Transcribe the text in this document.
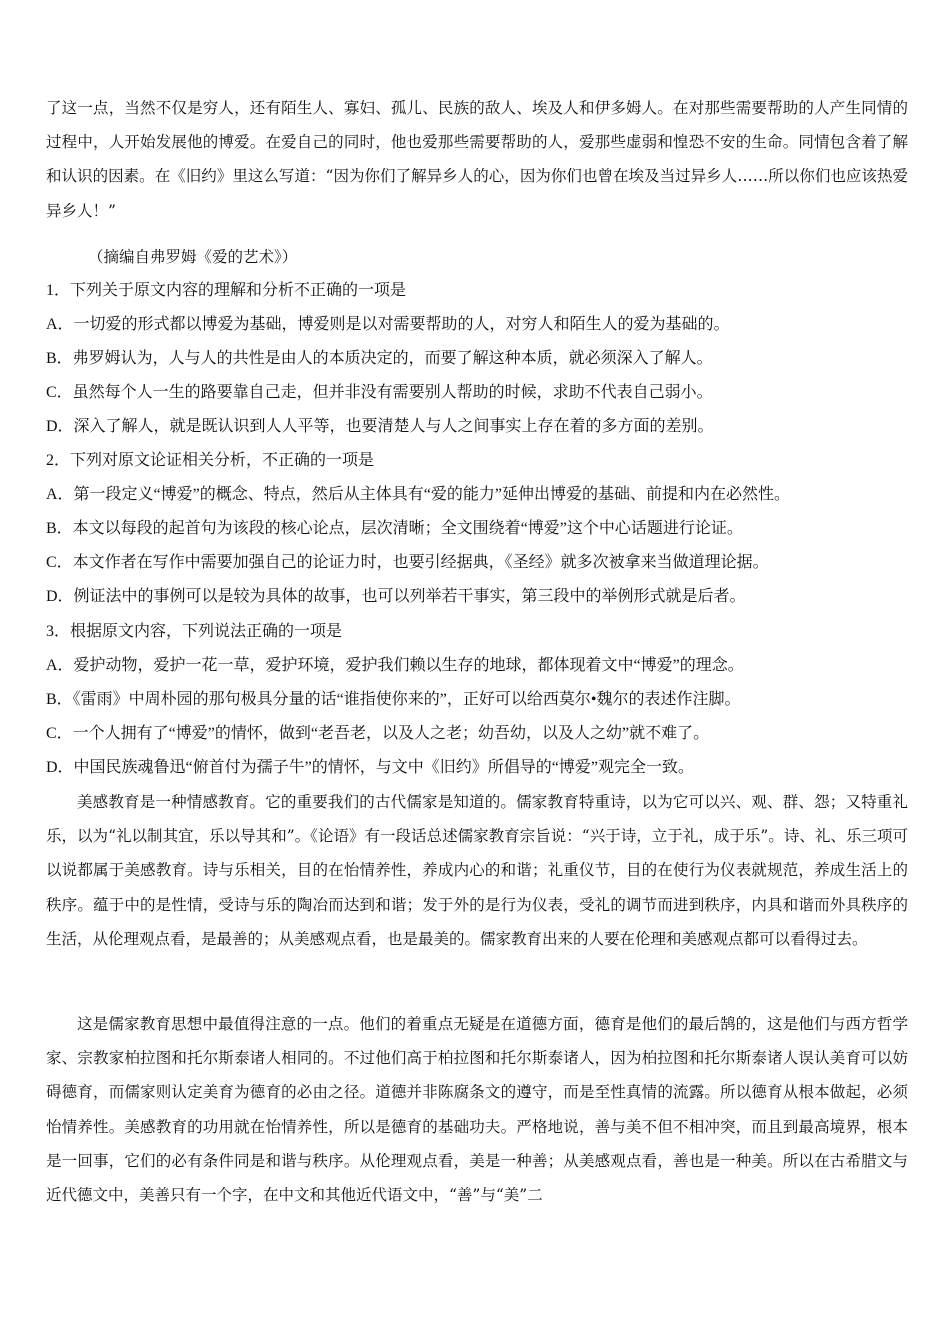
了这一点，当然不仅是穷人，还有陌生人、寡妇、孤儿、民族的敌人、埃及人和伊多姆人。在对那些需要帮助的人产生同情的过程中，人开始发展他的博爱。在爱自己的同时，他也爱那些需要帮助的人，爱那些虚弱和惶恐不安的生命。同情包含着了解和认识的因素。在《旧约》里这么写道：“因为你们了解异乡人的心，因为你们也曾在埃及当过异乡人……所以你们也应该热爱异乡人！”

（摘编自弗罗姆《爱的艺术》）

1．下列关于原文内容的理解和分析不正确的一项是

A．一切爱的形式都以博爱为基础，博爱则是以对需要帮助的人，对穷人和陌生人的爱为基础的。

B．弗罗姆认为，人与人的共性是由人的本质决定的，而要了解这种本质，就必须深入了解人。

C．虽然每个人一生的路要靠自己走，但并非没有需要别人帮助的时候，求助不代表自己弱小。

D．深入了解人，就是既认识到人人平等，也要清楚人与人之间事实上存在着的多方面的差别。

2．下列对原文论证相关分析，不正确的一项是

A．第一段定义“博爱”的概念、特点，然后从主体具有“爱的能力”延伸出博爱的基础、前提和内在必然性。

B．本文以每段的起首句为该段的核心论点，层次清晰；全文围绕着“博爱”这个中心话题进行论证。

C．本文作者在写作中需要加强自己的论证力时，也要引经据典，《圣经》就多次被拿来当做道理论据。

D．例证法中的事例可以是较为具体的故事，也可以列举若干事实，第三段中的举例形式就是后者。

3．根据原文内容，下列说法正确的一项是

A．爱护动物，爱护一花一草，爱护环境，爱护我们赖以生存的地球，都体现着文中“博爱”的理念。

B．《雷雨》中周朴园的那句极具分量的话“谁指使你来的”，正好可以给西莫尔•魏尔的表述作注脚。

C．一个人拥有了“博爱”的情怀，做到“老吾老，以及人之老；幼吾幼，以及人之幼”就不难了。

D．中国民族魂鲁迅“俯首付为孺子牛”的情怀，与文中《旧约》所倡导的“博爱”观完全一致。

美感教育是一种情感教育。它的重要我们的古代儒家是知道的。儒家教育特重诗，以为它可以兴、观、群、怨；又特重礼乐，以为“礼以制其宜，乐以导其和”。《论语》有一段话总述儒家教育宗旨说：“兴于诗，立于礼，成于乐”。诗、礼、乐三项可以说都属于美感教育。诗与乐相关，目的在怡情养性，养成内心的和谐；礼重仪节，目的在使行为仪表就规范，养成生活上的秩序。蕴于中的是性情，受诗与乐的陶冶而达到和谐；发于外的是行为仪表，受礼的调节而进到秩序，内具和谐而外具秩序的生活，从伦理观点看，是最善的；从美感观点看，也是最美的。儒家教育出来的人要在伦理和美感观点都可以看得过去。

这是儒家教育思想中最值得注意的一点。他们的着重点无疑是在道德方面，德育是他们的最后鹄的，这是他们与西方哲学家、宗教家柏拉图和托尔斯泰诸人相同的。不过他们高于柏拉图和托尔斯泰诸人，因为柏拉图和托尔斯泰诸人误认美育可以妨碍德育，而儒家则认定美育为德育的必由之径。道德并非陈腐条文的遵守，而是至性真情的流露。所以德育从根本做起，必须怡情养性。美感教育的功用就在怡情养性，所以是德育的基础功夫。严格地说，善与美不但不相冲突，而且到最高境界，根本是一回事，它们的必有条件同是和谐与秩序。从伦理观点看，美是一种善；从美感观点看，善也是一种美。所以在古希腊文与近代德文中，美善只有一个字，在中文和其他近代语文中，“善”与“美”二
